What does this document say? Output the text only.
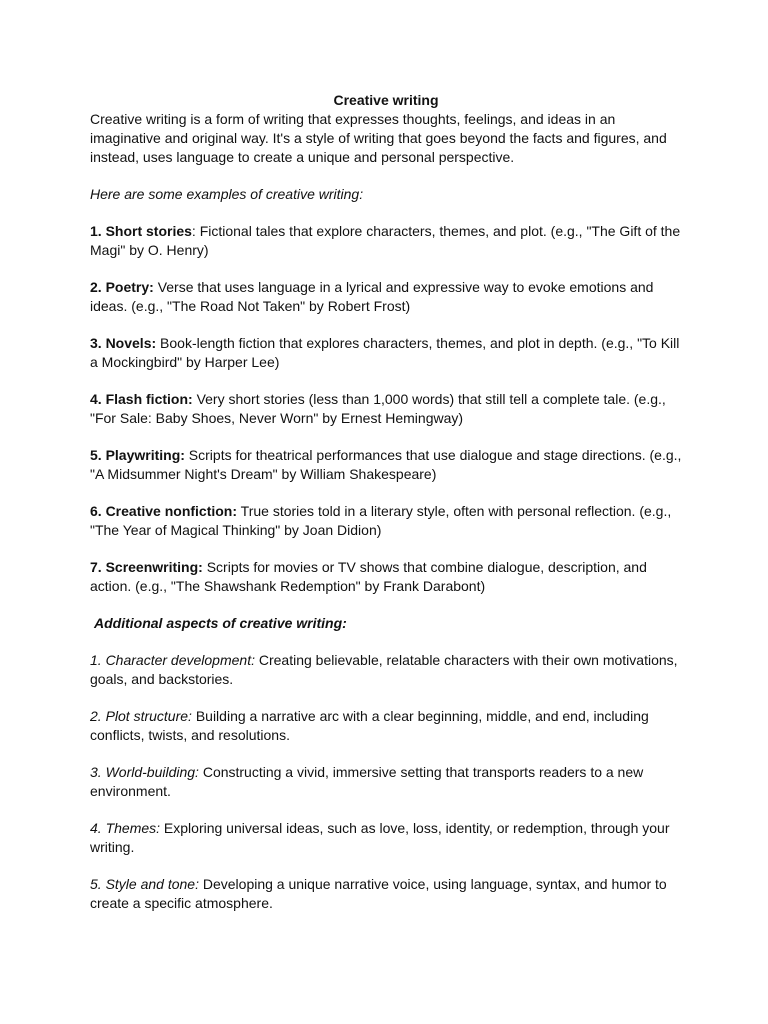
Creative writing

Creative writing is a form of writing that expresses thoughts, feelings, and ideas in an imaginative and original way. It's a style of writing that goes beyond the facts and figures, and instead, uses language to create a unique and personal perspective.

Here are some examples of creative writing:

1. Short stories: Fictional tales that explore characters, themes, and plot. (e.g., "The Gift of the Magi" by O. Henry)

2. Poetry: Verse that uses language in a lyrical and expressive way to evoke emotions and ideas. (e.g., "The Road Not Taken" by Robert Frost)

3. Novels: Book-length fiction that explores characters, themes, and plot in depth. (e.g., "To Kill a Mockingbird" by Harper Lee)

4. Flash fiction: Very short stories (less than 1,000 words) that still tell a complete tale. (e.g., "For Sale: Baby Shoes, Never Worn" by Ernest Hemingway)

5. Playwriting: Scripts for theatrical performances that use dialogue and stage directions. (e.g., "A Midsummer Night's Dream" by William Shakespeare)

6. Creative nonfiction: True stories told in a literary style, often with personal reflection. (e.g., "The Year of Magical Thinking" by Joan Didion)

7. Screenwriting: Scripts for movies or TV shows that combine dialogue, description, and action. (e.g., "The Shawshank Redemption" by Frank Darabont)

Additional aspects of creative writing:

1. Character development: Creating believable, relatable characters with their own motivations, goals, and backstories.

2. Plot structure: Building a narrative arc with a clear beginning, middle, and end, including conflicts, twists, and resolutions.

3. World-building: Constructing a vivid, immersive setting that transports readers to a new environment.

4. Themes: Exploring universal ideas, such as love, loss, identity, or redemption, through your writing.

5. Style and tone: Developing a unique narrative voice, using language, syntax, and humor to create a specific atmosphere.
